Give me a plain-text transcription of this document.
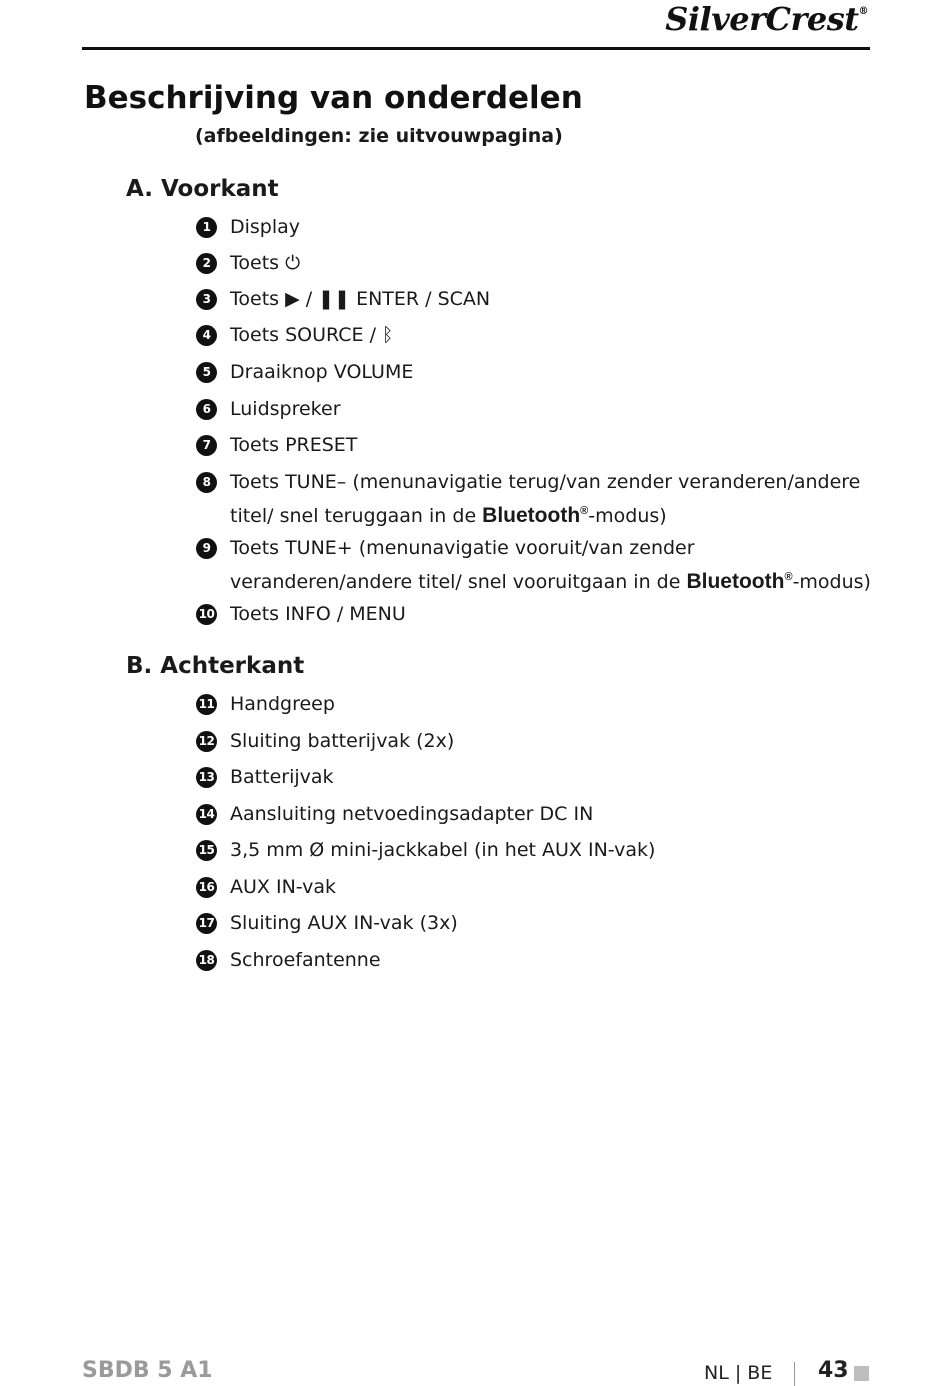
SilverCrest®
Beschrijving van onderdelen
(afbeeldingen: zie uitvouwpagina)
A. Voorkant
1	Display
2	Toets ⏻
3	Toets ▶ / ❚❚ ENTER / SCAN
4	Toets SOURCE / ᛒ
5	Draaiknop VOLUME
6	Luidspreker
7	Toets PRESET
8	Toets TUNE– (menunavigatie terug/van zender veranderen/andere titel/ snel teruggaan in de Bluetooth®-modus)
9	Toets TUNE+ (menunavigatie vooruit/van zender veranderen/andere titel/ snel vooruitgaan in de Bluetooth®-modus)
10 Toets INFO / MENU
B. Achterkant
11 Handgreep
12 Sluiting batterijvak (2x)
13 Batterijvak
14 Aansluiting netvoedingsadapter DC IN
15 3,5 mm Ø mini-jackkabel (in het AUX IN-vak)
16 AUX IN-vak
17 Sluiting AUX IN-vak (3x)
18 Schroefantenne
SBDB 5 A1	NL | BE 43
